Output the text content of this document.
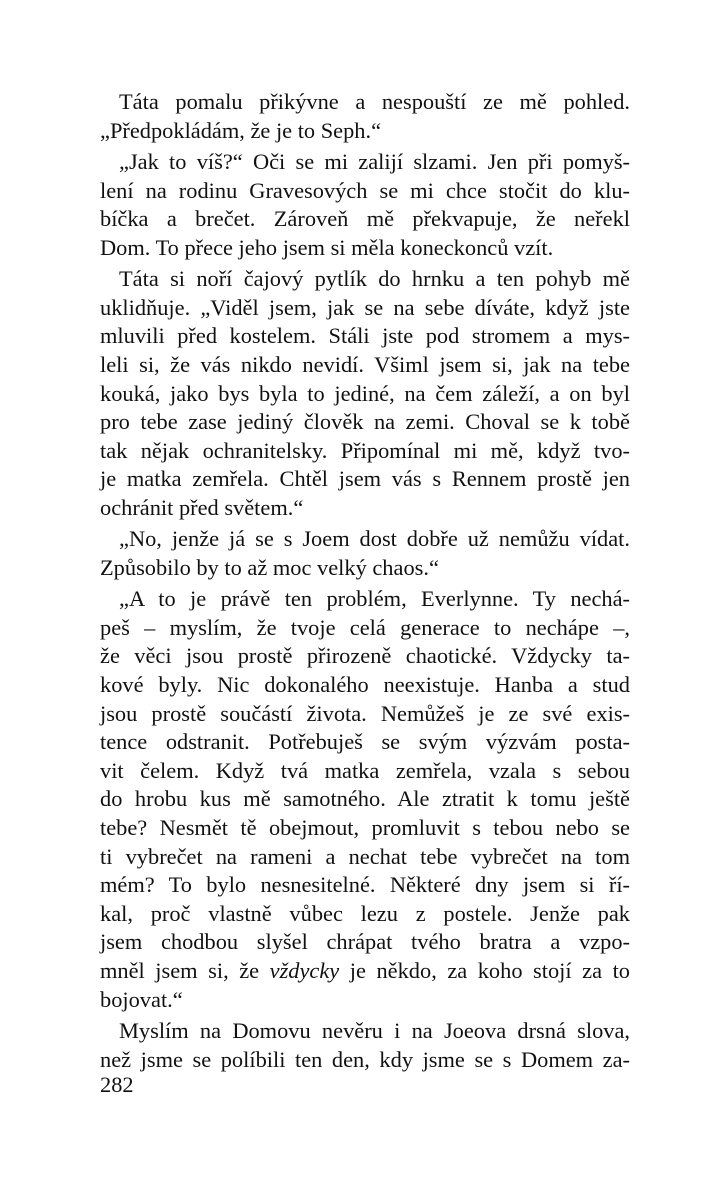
Táta pomalu přikývne a nespouští ze mě pohled.
„Předpokládám, že je to Seph.“
„Jak to víš?“ Oči se mi zalijí slzami. Jen při pomyš-
lení na rodinu Gravesových se mi chce stočit do klu-
bíčka a brečet. Zároveň mě překvapuje, že neřekl
Dom. To přece jeho jsem si měla koneckonců vzít.
Táta si noří čajový pytlík do hrnku a ten pohyb mě
uklidňuje. „Viděl jsem, jak se na sebe díváte, když jste
mluvili před kostelem. Stáli jste pod stromem a mys-
leli si, že vás nikdo nevidí. Všiml jsem si, jak na tebe
kouká, jako bys byla to jediné, na čem záleží, a on byl
pro tebe zase jediný člověk na zemi. Choval se k tobě
tak nějak ochranitelsky. Připomínal mi mě, když tvo-
je matka zemřela. Chtěl jsem vás s Rennem prostě jen
ochránit před světem.“
„No, jenže já se s Joem dost dobře už nemůžu vídat.
Způsobilo by to až moc velký chaos.“
„A to je právě ten problém, Everlynne. Ty nechá-
peš – myslím, že tvoje celá generace to nechápe –,
že věci jsou prostě přirozeně chaotické. Vždycky ta-
kové byly. Nic dokonalého neexistuje. Hanba a stud
jsou prostě součástí života. Nemůžeš je ze své exis-
tence odstranit. Potřebuješ se svým výzvám posta-
vit čelem. Když tvá matka zemřela, vzala s sebou
do hrobu kus mě samotného. Ale ztratit k tomu ještě
tebe? Nesmět tě obejmout, promluvit s tebou nebo se
ti vybrečet na rameni a nechat tebe vybrečet na tom
mém? To bylo nesnesitelné. Některé dny jsem si ří-
kal, proč vlastně vůbec lezu z postele. Jenže pak
jsem chodbou slyšel chrápat tvého bratra a vzpo-
mněl jsem si, že vždycky je někdo, za koho stojí za to
bojovat.“
Myslím na Domovu nevěru i na Joeova drsná slova,
než jsme se políbili ten den, kdy jsme se s Domem za-
282
